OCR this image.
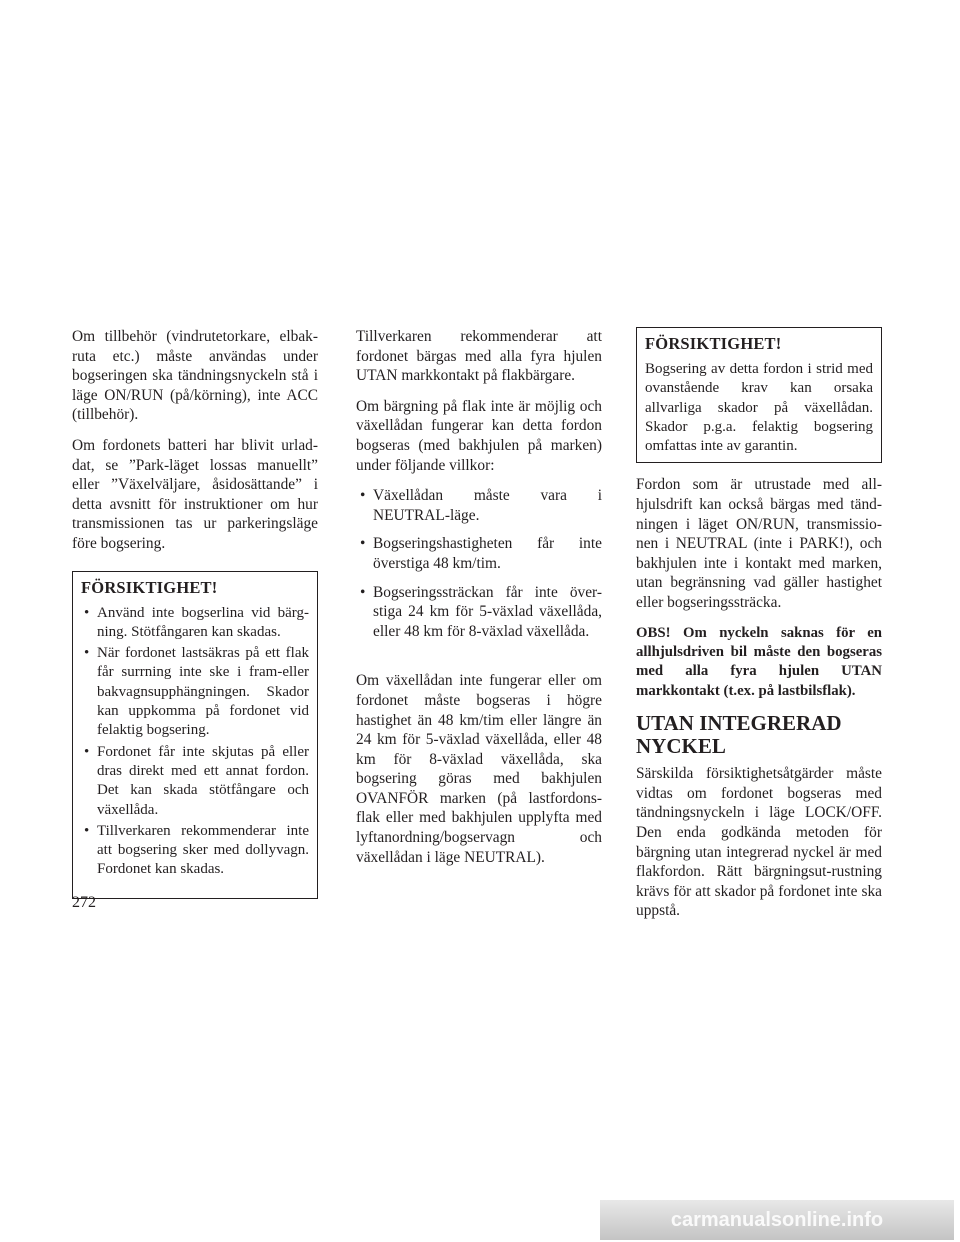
Om tillbehör (vindrutetorkare, elbak-ruta etc.) måste användas under bogseringen ska tändningsnyckeln stå i läge ON/RUN (på/körning), inte ACC (tillbehör).

Om fordonets batteri har blivit urlad-dat, se ”Park-läget lossas manuellt” eller ”Växelväljare, åsidosättande” i detta avsnitt för instruktioner om hur transmissionen tas ur parkeringsläge före bogsering.

FÖRSIKTIGHET!
• Använd inte bogserlina vid bärg-ning. Stötfångaren kan skadas.
• När fordonet lastsäkras på ett flak får surrning inte ske i fram-eller bakvagnsupphängningen. Skador kan uppkomma på fordonet vid felaktig bogsering.
• Fordonet får inte skjutas på eller dras direkt med ett annat fordon. Det kan skada stötfångare och växellåda.
• Tillverkaren rekommenderar inte att bogsering sker med dollyvagn. Fordonet kan skadas.

Tillverkaren rekommenderar att fordonet bärgas med alla fyra hjulen UTAN markkontakt på flakbärgare.

Om bärgning på flak inte är möjlig och växellådan fungerar kan detta fordon bogseras (med bakhjulen på marken) under följande villkor:

• Växellådan måste vara i NEUTRAL-läge.
• Bogseringshastigheten får inte överstiga 48 km/tim.
• Bogseringssträckan får inte över-stiga 24 km för 5-växlad växellåda, eller 48 km för 8-växlad växellåda.

Om växellådan inte fungerar eller om fordonet måste bogseras i högre hastighet än 48 km/tim eller längre än 24 km för 5-växlad växellåda, eller 48 km för 8-växlad växellåda, ska bogsering göras med bakhjulen OVANFÖR marken (på lastfordons-flak eller med bakhjulen upplyfta med lyftanordning/bogservagn och växellådan i läge NEUTRAL).

FÖRSIKTIGHET!

Bogsering av detta fordon i strid med ovanstående krav kan orsaka allvarliga skador på växellådan. Skador p.g.a. felaktig bogsering omfattas inte av garantin.

Fordon som är utrustade med all-hjulsdrift kan också bärgas med tänd-ningen i läget ON/RUN, transmissio-nen i NEUTRAL (inte i PARK!), och bakhjulen inte i kontakt med marken, utan begränsning vad gäller hastighet eller bogseringssträcka.

OBS! Om nyckeln saknas för en allhjulsdriven bil måste den bogseras med alla fyra hjulen UTAN markkontakt (t.ex. på lastbilsflak).

UTAN INTEGRERAD
NYCKEL

Särskilda försiktighetsåtgärder måste vidtas om fordonet bogseras med tändningsnyckeln i läge LOCK/OFF. Den enda godkända metoden för bärgning utan integrerad nyckel är med flakfordon. Rätt bärgningsut-rustning krävs för att skador på fordonet inte ska uppstå.

272
carmanualsonline.info
